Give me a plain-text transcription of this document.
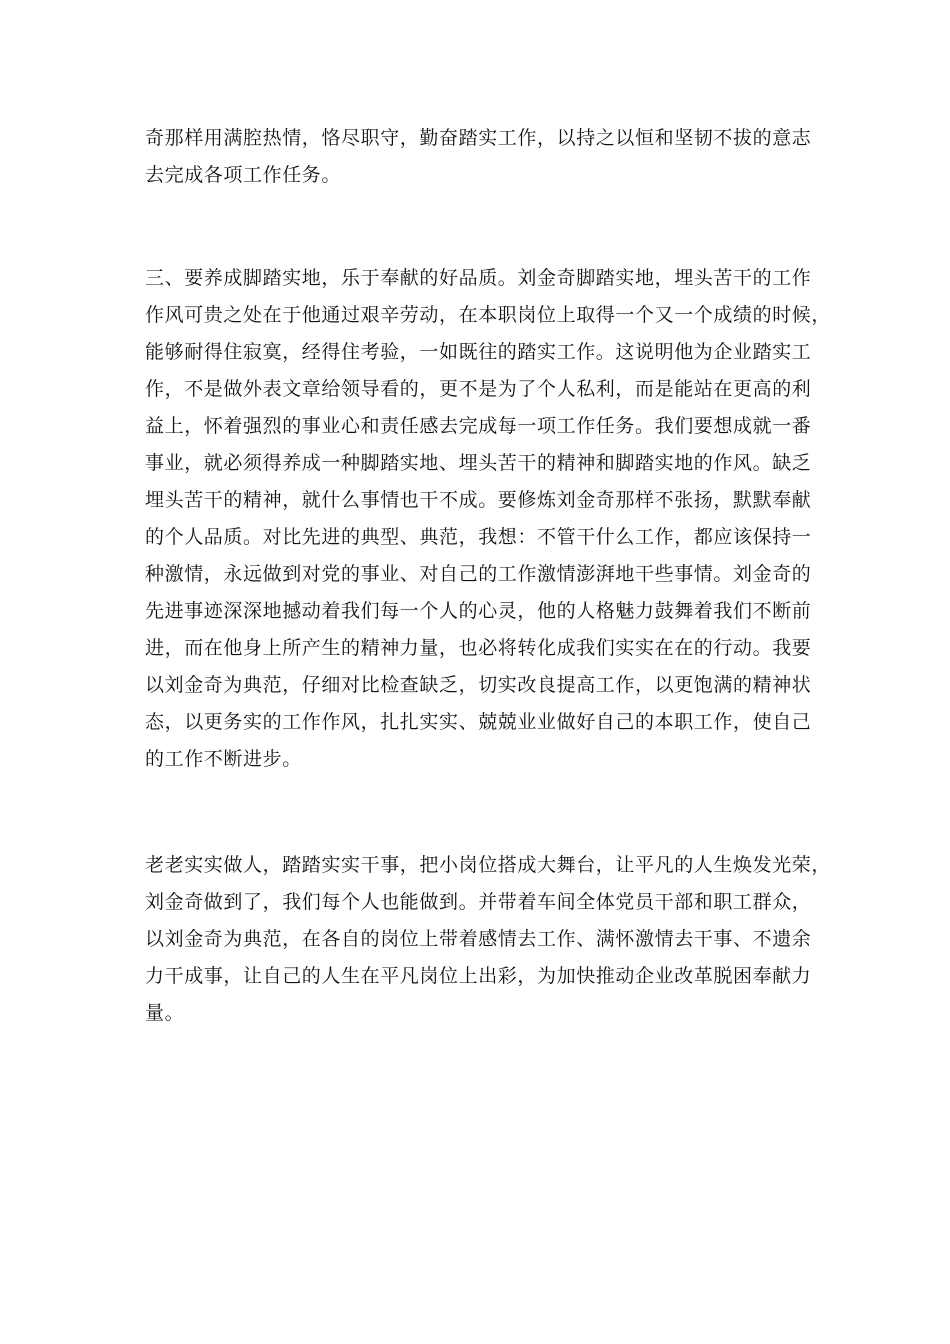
奇那样用满腔热情，恪尽职守，勤奋踏实工作，以持之以恒和坚韧不拔的意志
去完成各项工作任务。
三、要养成脚踏实地，乐于奉献的好品质。刘金奇脚踏实地，埋头苦干的工作
作风可贵之处在于他通过艰辛劳动，在本职岗位上取得一个又一个成绩的时候，
能够耐得住寂寞，经得住考验，一如既往的踏实工作。这说明他为企业踏实工
作，不是做外表文章给领导看的，更不是为了个人私利，而是能站在更高的利
益上，怀着强烈的事业心和责任感去完成每一项工作任务。我们要想成就一番
事业，就必须得养成一种脚踏实地、埋头苦干的精神和脚踏实地的作风。缺乏
埋头苦干的精神，就什么事情也干不成。要修炼刘金奇那样不张扬，默默奉献
的个人品质。对比先进的典型、典范，我想：不管干什么工作，都应该保持一
种激情，永远做到对党的事业、对自己的工作激情澎湃地干些事情。刘金奇的
先进事迹深深地撼动着我们每一个人的心灵，他的人格魅力鼓舞着我们不断前
进，而在他身上所产生的精神力量，也必将转化成我们实实在在的行动。我要
以刘金奇为典范，仔细对比检查缺乏，切实改良提高工作，以更饱满的精神状
态，以更务实的工作作风，扎扎实实、兢兢业业做好自己的本职工作，使自己
的工作不断进步。
老老实实做人，踏踏实实干事，把小岗位搭成大舞台，让平凡的人生焕发光荣，
刘金奇做到了，我们每个人也能做到。并带着车间全体党员干部和职工群众，
以刘金奇为典范，在各自的岗位上带着感情去工作、满怀激情去干事、不遗余
力干成事，让自己的人生在平凡岗位上出彩，为加快推动企业改革脱困奉献力
量。
